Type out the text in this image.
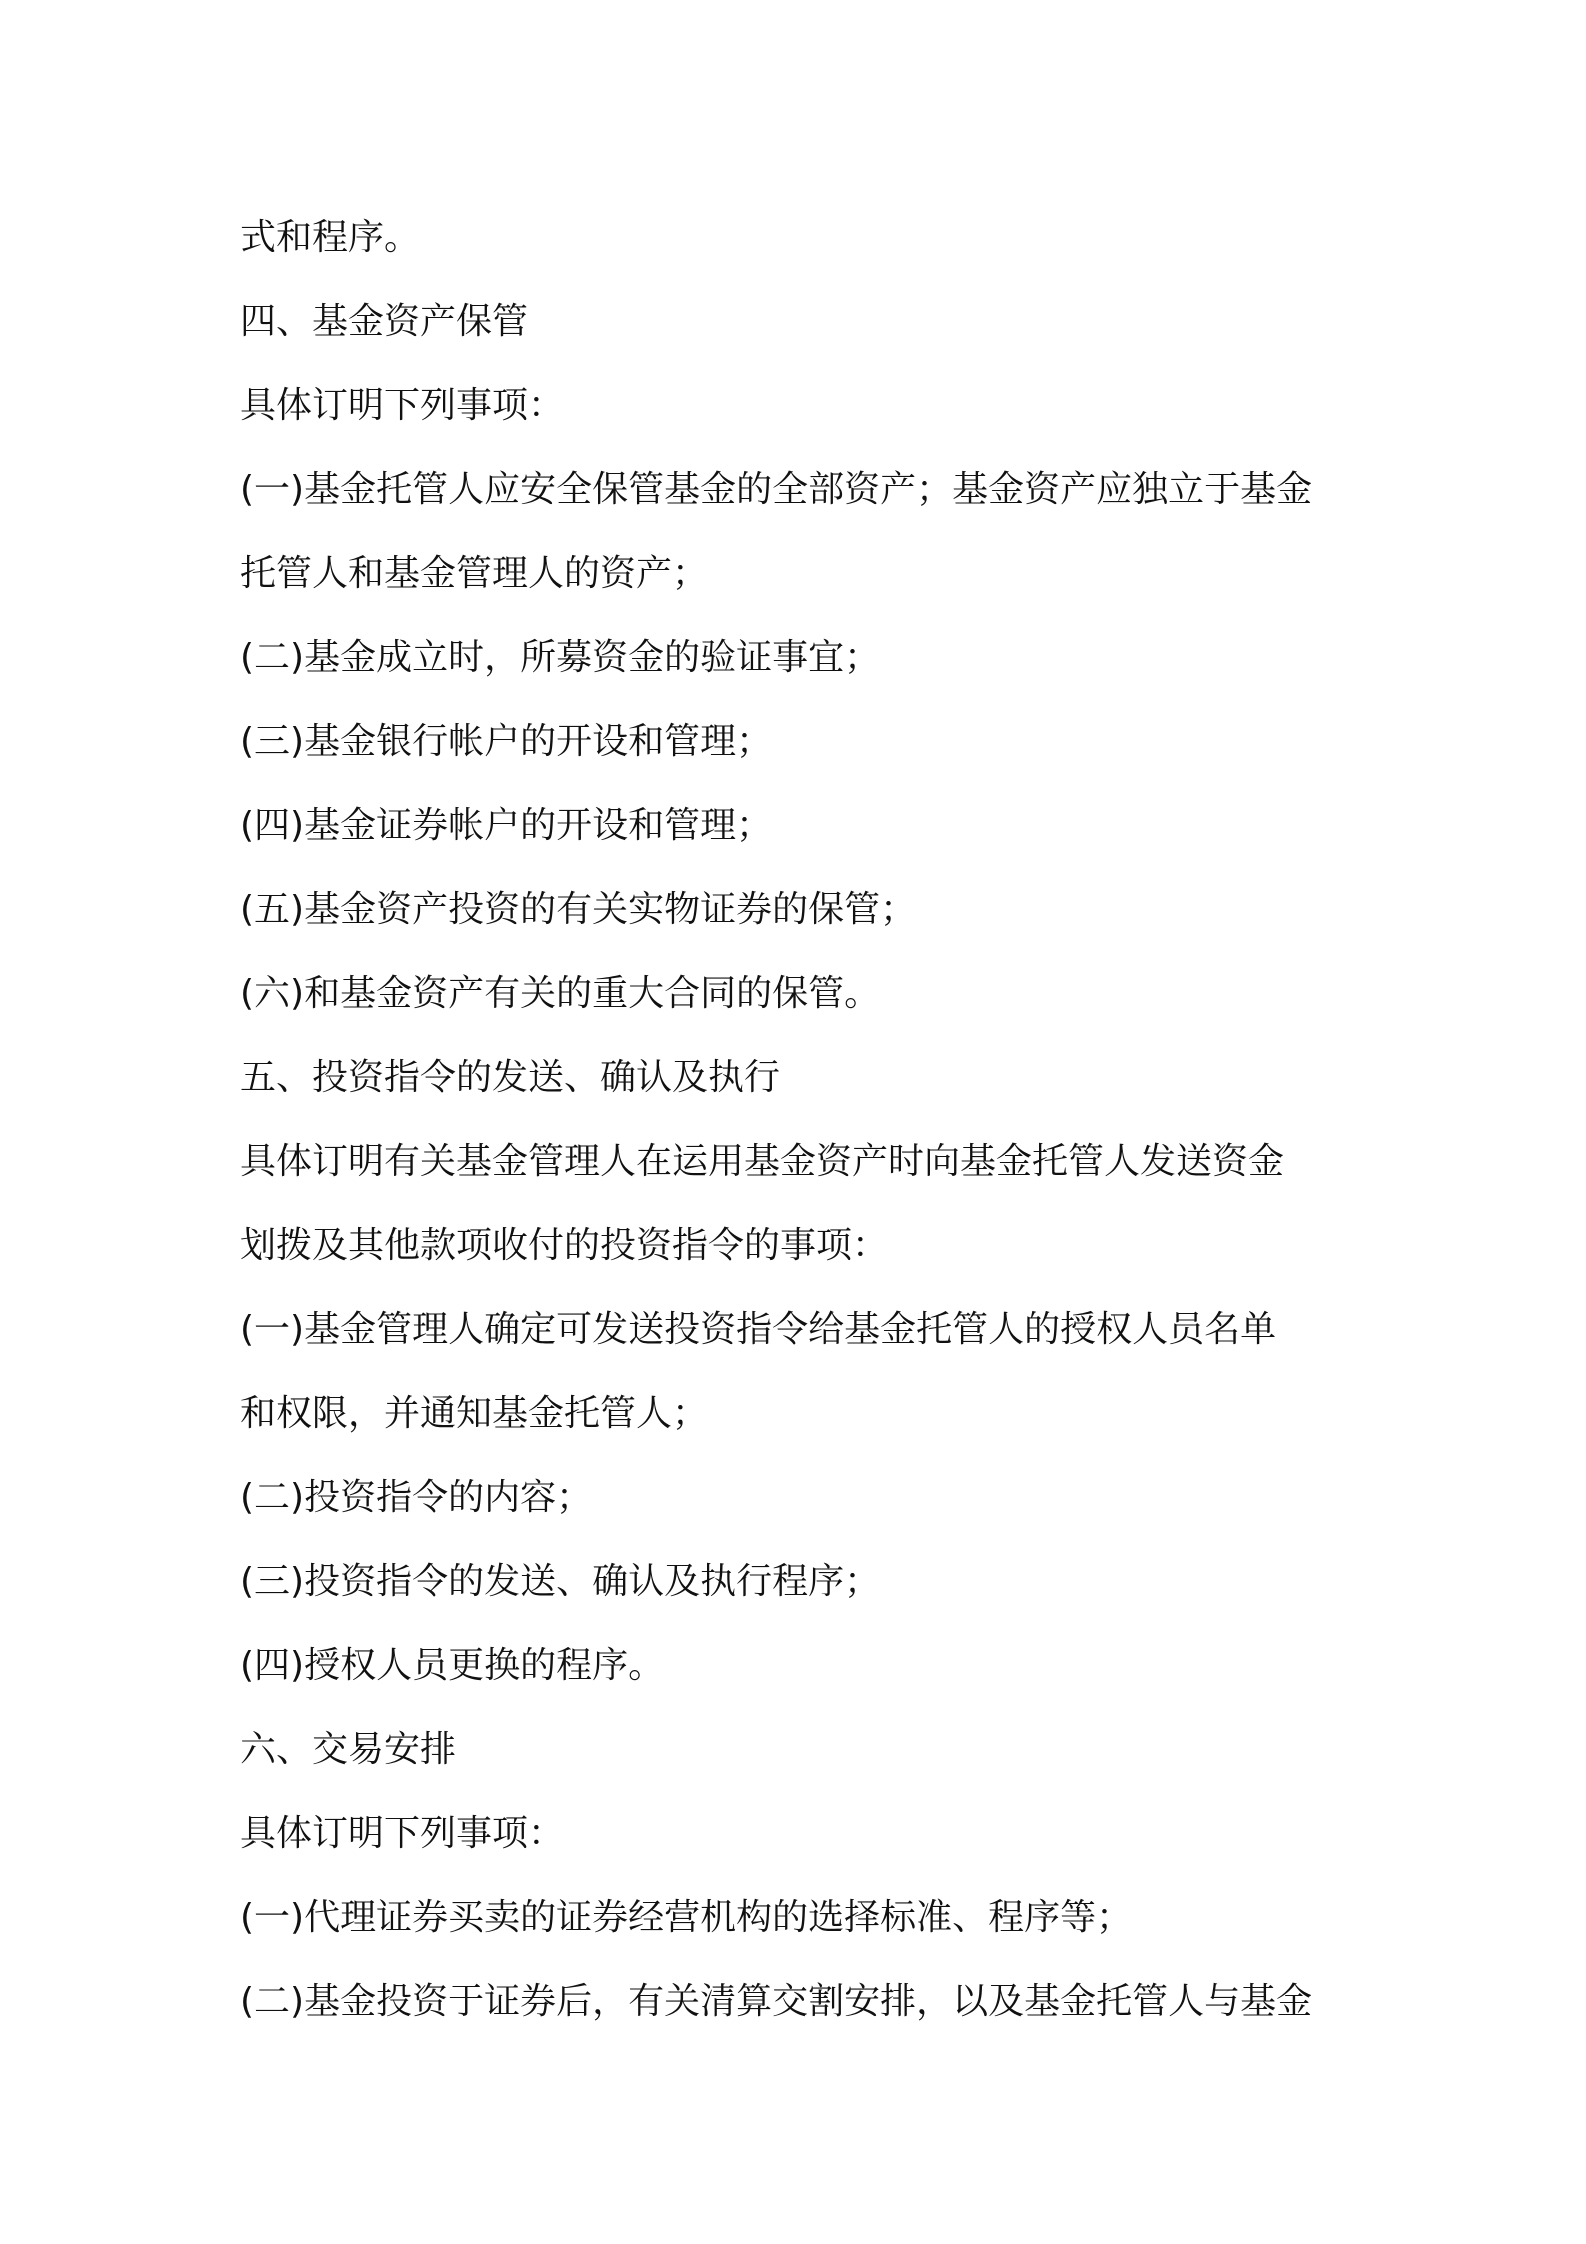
式和程序。
四、基金资产保管
具体订明下列事项：
(一)基金托管人应安全保管基金的全部资产；基金资产应独立于基金
托管人和基金管理人的资产；
(二)基金成立时，所募资金的验证事宜；
(三)基金银行帐户的开设和管理；
(四)基金证券帐户的开设和管理；
(五)基金资产投资的有关实物证券的保管；
(六)和基金资产有关的重大合同的保管。
五、投资指令的发送、确认及执行
具体订明有关基金管理人在运用基金资产时向基金托管人发送资金
划拨及其他款项收付的投资指令的事项：
(一)基金管理人确定可发送投资指令给基金托管人的授权人员名单
和权限，并通知基金托管人；
(二)投资指令的内容；
(三)投资指令的发送、确认及执行程序；
(四)授权人员更换的程序。
六、交易安排
具体订明下列事项：
(一)代理证券买卖的证券经营机构的选择标准、程序等；
(二)基金投资于证券后，有关清算交割安排，以及基金托管人与基金
